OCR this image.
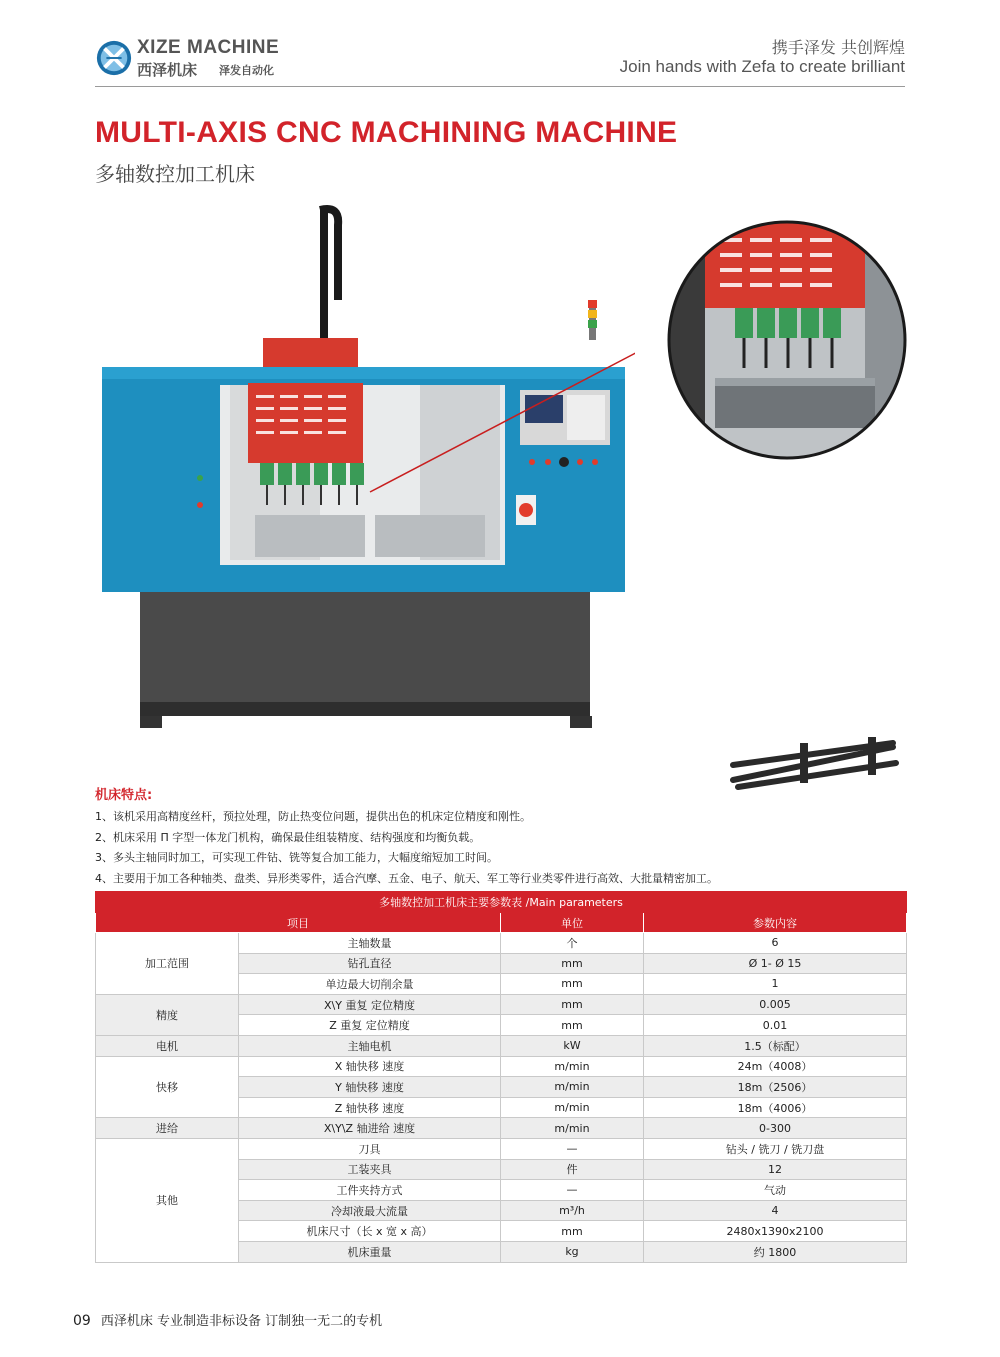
XIZE MACHINE
西泽机床 泽发自动化
携手泽发 共创辉煌
Join hands with Zefa to create brilliant
MULTI-AXIS CNC MACHINING MACHINE
多轴数控加工机床
机床特点:
1、该机采用高精度丝杆，预拉处理，防止热变位问题，提供出色的机床定位精度和刚性。
2、机床采用 Π 字型一体龙门机构，确保最佳组装精度、结构强度和均衡负载。
3、多头主轴同时加工，可实现工件钻、铣等复合加工能力，大幅度缩短加工时间。
4、主要用于加工各种轴类、盘类、异形类零件，适合汽摩、五金、电子、航天、军工等行业类零件进行高效、大批量精密加工。
多轴数控加工机床主要参数表 /Main parameters			
项目		单位	参数内容
加工范围	主轴数量	个	6
	钻孔直径	mm	Ø 1- Ø 15
	单边最大切削余量	mm	1
精度	X\Y 重复 定位精度	mm	0.005
	Z 重复 定位精度	mm	0.01
电机	主轴电机	kW	1.5（标配）
快移	X 轴快移 速度	m/min	24m（4008）
	Y 轴快移 速度	m/min	18m（2506）
	Z 轴快移 速度	m/min	18m（4006）
进给	X\Y\Z 轴进给 速度	m/min	0-300
其他	刀具	—	钻头 / 铣刀 / 铣刀盘
	工装夹具	件	12
	工件夹持方式	—	气动
	冷却液最大流量	m³/h	4
	机床尺寸（长 x 宽 x 高）	mm	2480x1390x2100
	机床重量	kg	约 1800
09 西泽机床 专业制造非标设备 订制独一无二的专机
